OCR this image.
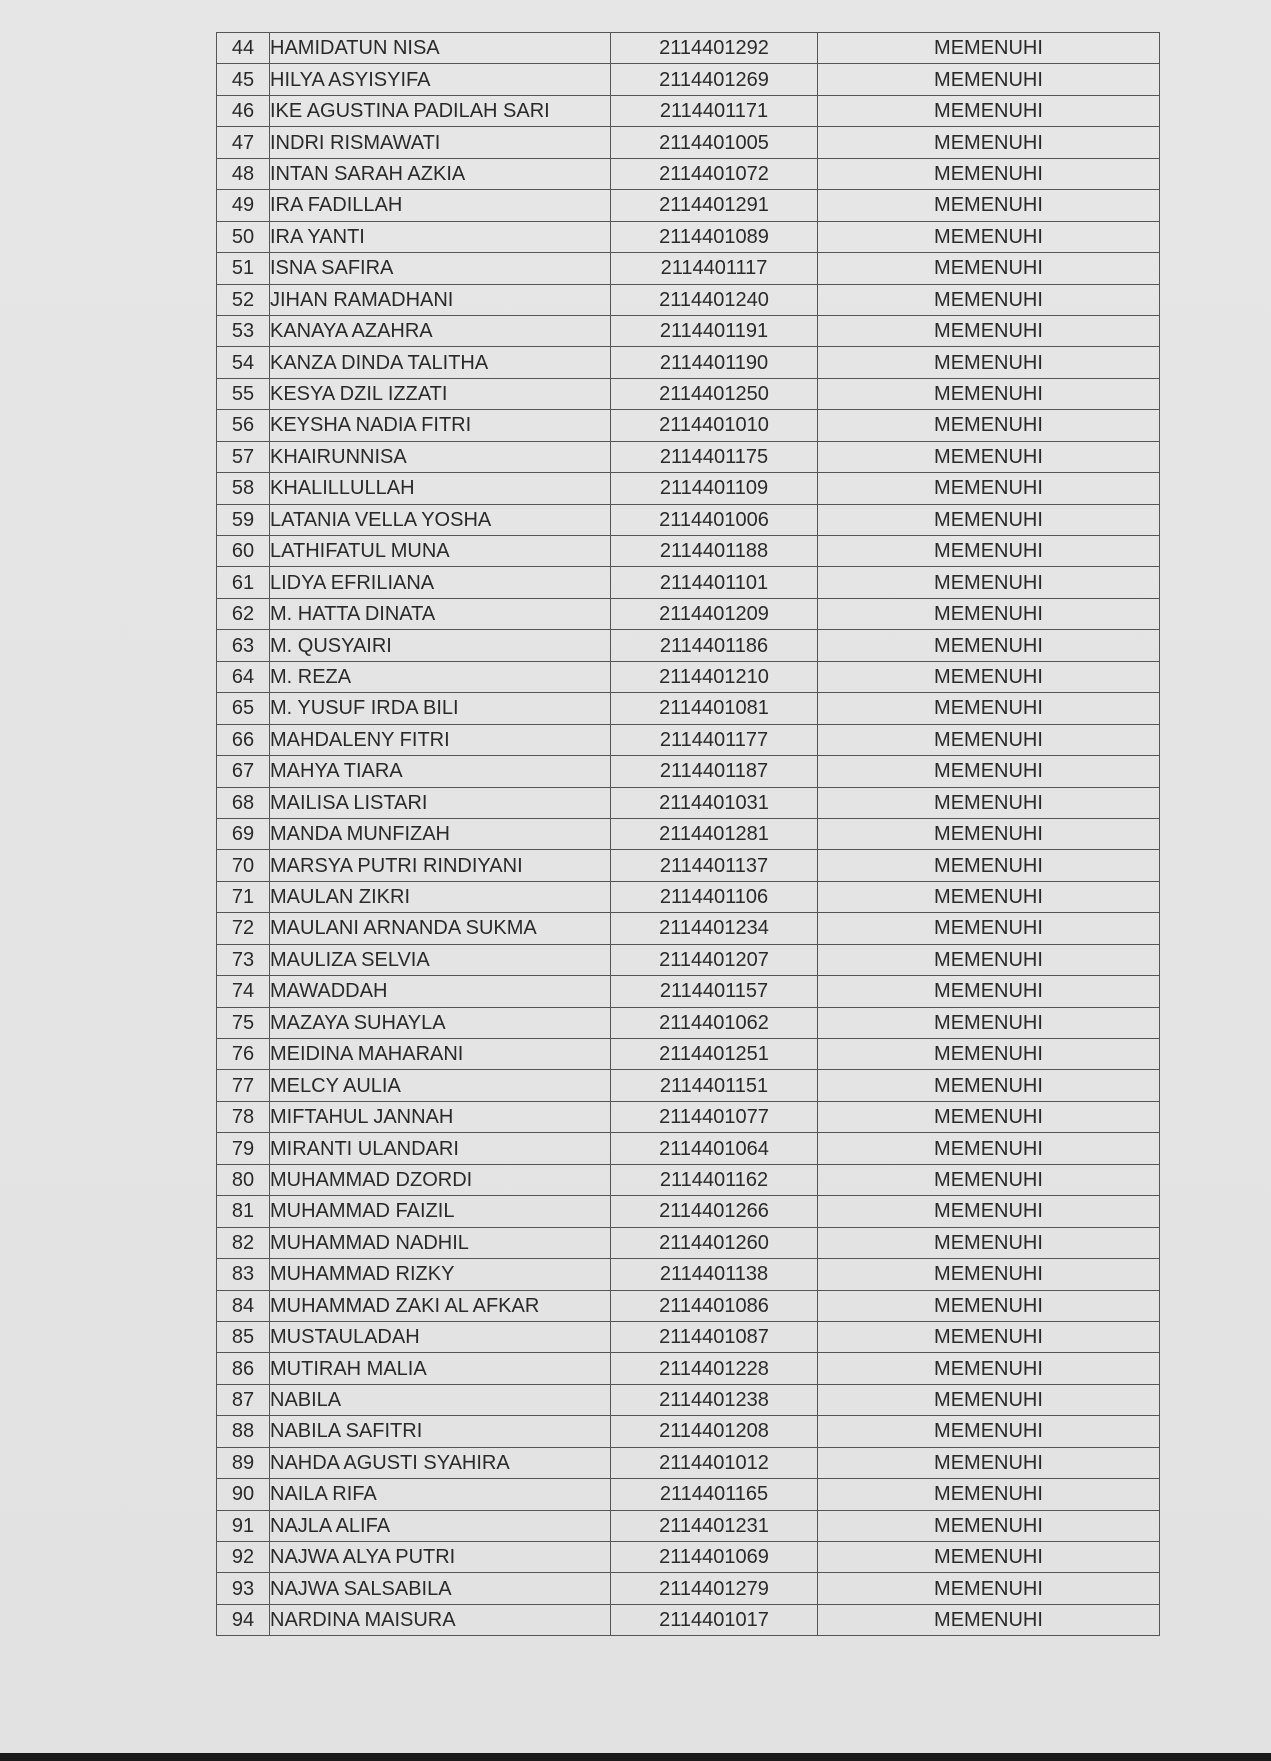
44	HAMIDATUN NISA	2114401292	MEMENUHI
45	HILYA ASYISYIFA	2114401269	MEMENUHI
46	IKE AGUSTINA PADILAH SARI	2114401171	MEMENUHI
47	INDRI RISMAWATI	2114401005	MEMENUHI
48	INTAN SARAH AZKIA	2114401072	MEMENUHI
49	IRA FADILLAH	2114401291	MEMENUHI
50	IRA YANTI	2114401089	MEMENUHI
51	ISNA SAFIRA	2114401117	MEMENUHI
52	JIHAN RAMADHANI	2114401240	MEMENUHI
53	KANAYA AZAHRA	2114401191	MEMENUHI
54	KANZA DINDA TALITHA	2114401190	MEMENUHI
55	KESYA DZIL IZZATI	2114401250	MEMENUHI
56	KEYSHA NADIA FITRI	2114401010	MEMENUHI
57	KHAIRUNNISA	2114401175	MEMENUHI
58	KHALILLULLAH	2114401109	MEMENUHI
59	LATANIA VELLA YOSHA	2114401006	MEMENUHI
60	LATHIFATUL MUNA	2114401188	MEMENUHI
61	LIDYA EFRILIANA	2114401101	MEMENUHI
62	M. HATTA DINATA	2114401209	MEMENUHI
63	M. QUSYAIRI	2114401186	MEMENUHI
64	M. REZA	2114401210	MEMENUHI
65	M. YUSUF IRDA BILI	2114401081	MEMENUHI
66	MAHDALENY FITRI	2114401177	MEMENUHI
67	MAHYA TIARA	2114401187	MEMENUHI
68	MAILISA LISTARI	2114401031	MEMENUHI
69	MANDA MUNFIZAH	2114401281	MEMENUHI
70	MARSYA PUTRI RINDIYANI	2114401137	MEMENUHI
71	MAULAN ZIKRI	2114401106	MEMENUHI
72	MAULANI ARNANDA SUKMA	2114401234	MEMENUHI
73	MAULIZA SELVIA	2114401207	MEMENUHI
74	MAWADDAH	2114401157	MEMENUHI
75	MAZAYA SUHAYLA	2114401062	MEMENUHI
76	MEIDINA MAHARANI	2114401251	MEMENUHI
77	MELCY AULIA	2114401151	MEMENUHI
78	MIFTAHUL JANNAH	2114401077	MEMENUHI
79	MIRANTI ULANDARI	2114401064	MEMENUHI
80	MUHAMMAD DZORDI	2114401162	MEMENUHI
81	MUHAMMAD FAIZIL	2114401266	MEMENUHI
82	MUHAMMAD NADHIL	2114401260	MEMENUHI
83	MUHAMMAD RIZKY	2114401138	MEMENUHI
84	MUHAMMAD ZAKI AL AFKAR	2114401086	MEMENUHI
85	MUSTAULADAH	2114401087	MEMENUHI
86	MUTIRAH MALIA	2114401228	MEMENUHI
87	NABILA	2114401238	MEMENUHI
88	NABILA SAFITRI	2114401208	MEMENUHI
89	NAHDA AGUSTI SYAHIRA	2114401012	MEMENUHI
90	NAILA RIFA	2114401165	MEMENUHI
91	NAJLA ALIFA	2114401231	MEMENUHI
92	NAJWA ALYA PUTRI	2114401069	MEMENUHI
93	NAJWA SALSABILA	2114401279	MEMENUHI
94	NARDINA MAISURA	2114401017	MEMENUHI
